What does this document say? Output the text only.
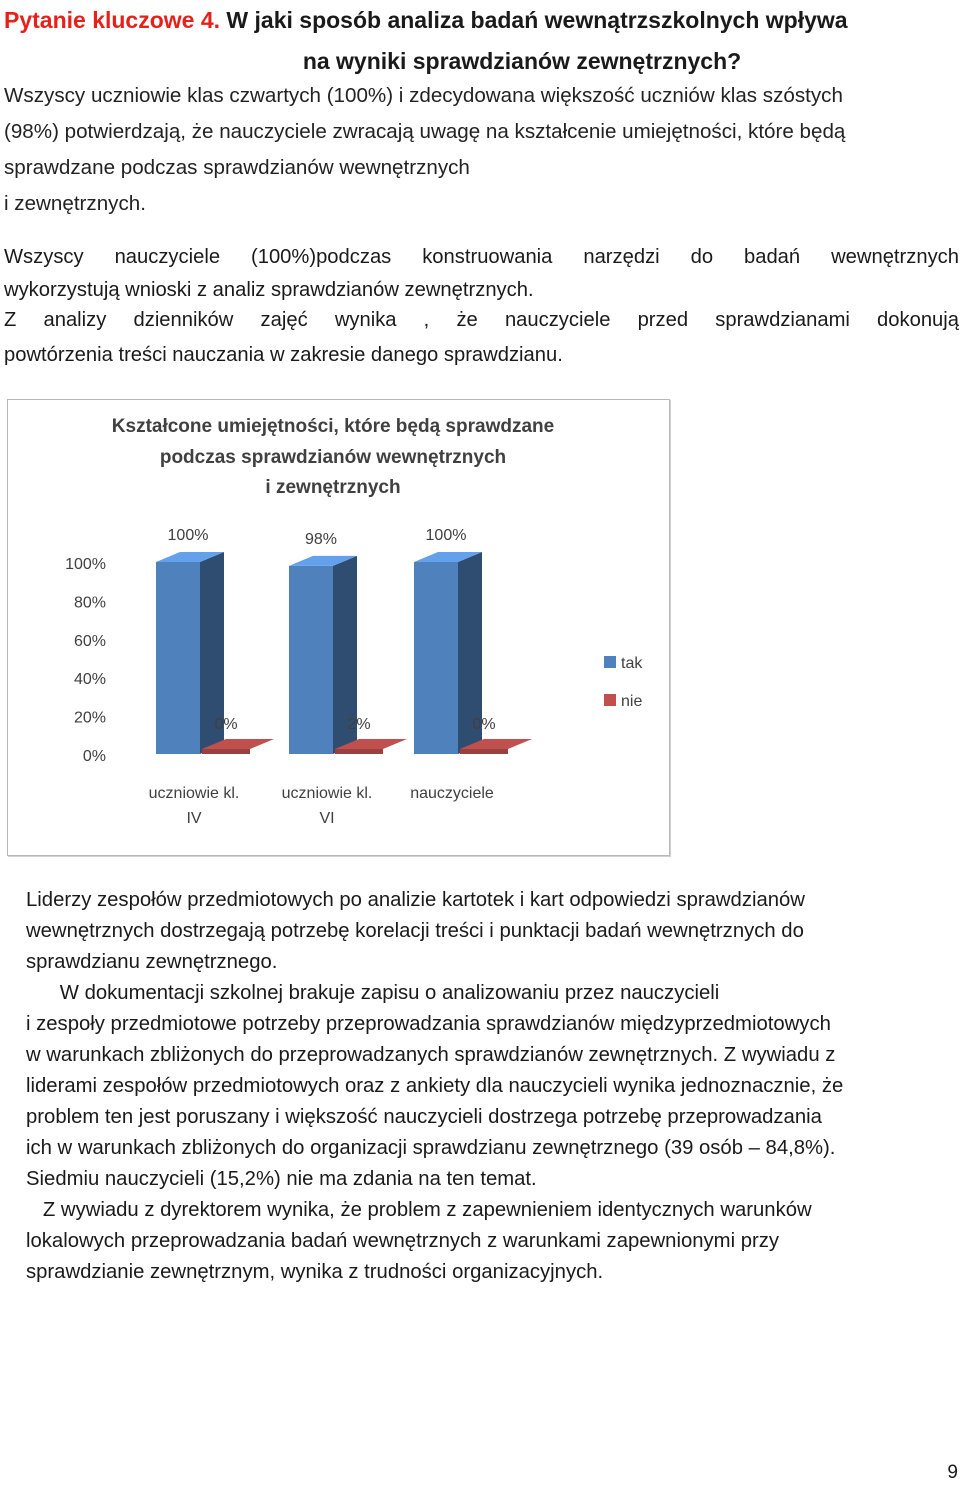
Pytanie kluczowe 4. W jaki sposób analiza badań wewnątrzszkolnych wpływa
na wyniki sprawdzianów zewnętrznych?
Wszyscy uczniowie klas czwartych (100%) i zdecydowana większość uczniów klas szóstych
(98%) potwierdzają, że nauczyciele zwracają uwagę na kształcenie umiejętności, które będą
sprawdzane podczas sprawdzianów wewnętrznych
i zewnętrznych.
Wszyscy nauczyciele (100%)podczas konstruowania narzędzi do badań wewnętrznych
wykorzystują wnioski z analiz sprawdzianów zewnętrznych.
Z analizy dzienników zajęć wynika , że nauczyciele przed sprawdzianami dokonują
powtórzenia treści nauczania w zakresie danego sprawdzianu.
Kształcone umiejętności, które będą sprawdzane
podczas sprawdzianów wewnętrznych
i zewnętrznych
0%
20%
40%
60%
80%
100%
100%
0%
uczniowie kl.
IV
98%
2%
uczniowie kl.
VI
100%
0%
nauczyciele
tak
nie
Liderzy zespołów przedmiotowych po analizie kartotek i kart odpowiedzi sprawdzianów
wewnętrznych dostrzegają potrzebę korelacji treści i punktacji badań wewnętrznych do
sprawdzianu zewnętrznego.
W dokumentacji szkolnej brakuje zapisu o analizowaniu przez nauczycieli
i zespoły przedmiotowe potrzeby przeprowadzania sprawdzianów międzyprzedmiotowych
w warunkach zbliżonych do przeprowadzanych sprawdzianów zewnętrznych. Z wywiadu z
liderami zespołów przedmiotowych oraz z ankiety dla nauczycieli wynika jednoznacznie, że
problem ten jest poruszany i większość nauczycieli dostrzega potrzebę przeprowadzania
ich w warunkach zbliżonych do organizacji sprawdzianu zewnętrznego (39 osób – 84,8%).
Siedmiu nauczycieli (15,2%) nie ma zdania na ten temat.
Z wywiadu z dyrektorem wynika, że problem z zapewnieniem identycznych warunków
lokalowych przeprowadzania badań wewnętrznych z warunkami zapewnionymi przy
sprawdzianie zewnętrznym, wynika z trudności organizacyjnych.
9
